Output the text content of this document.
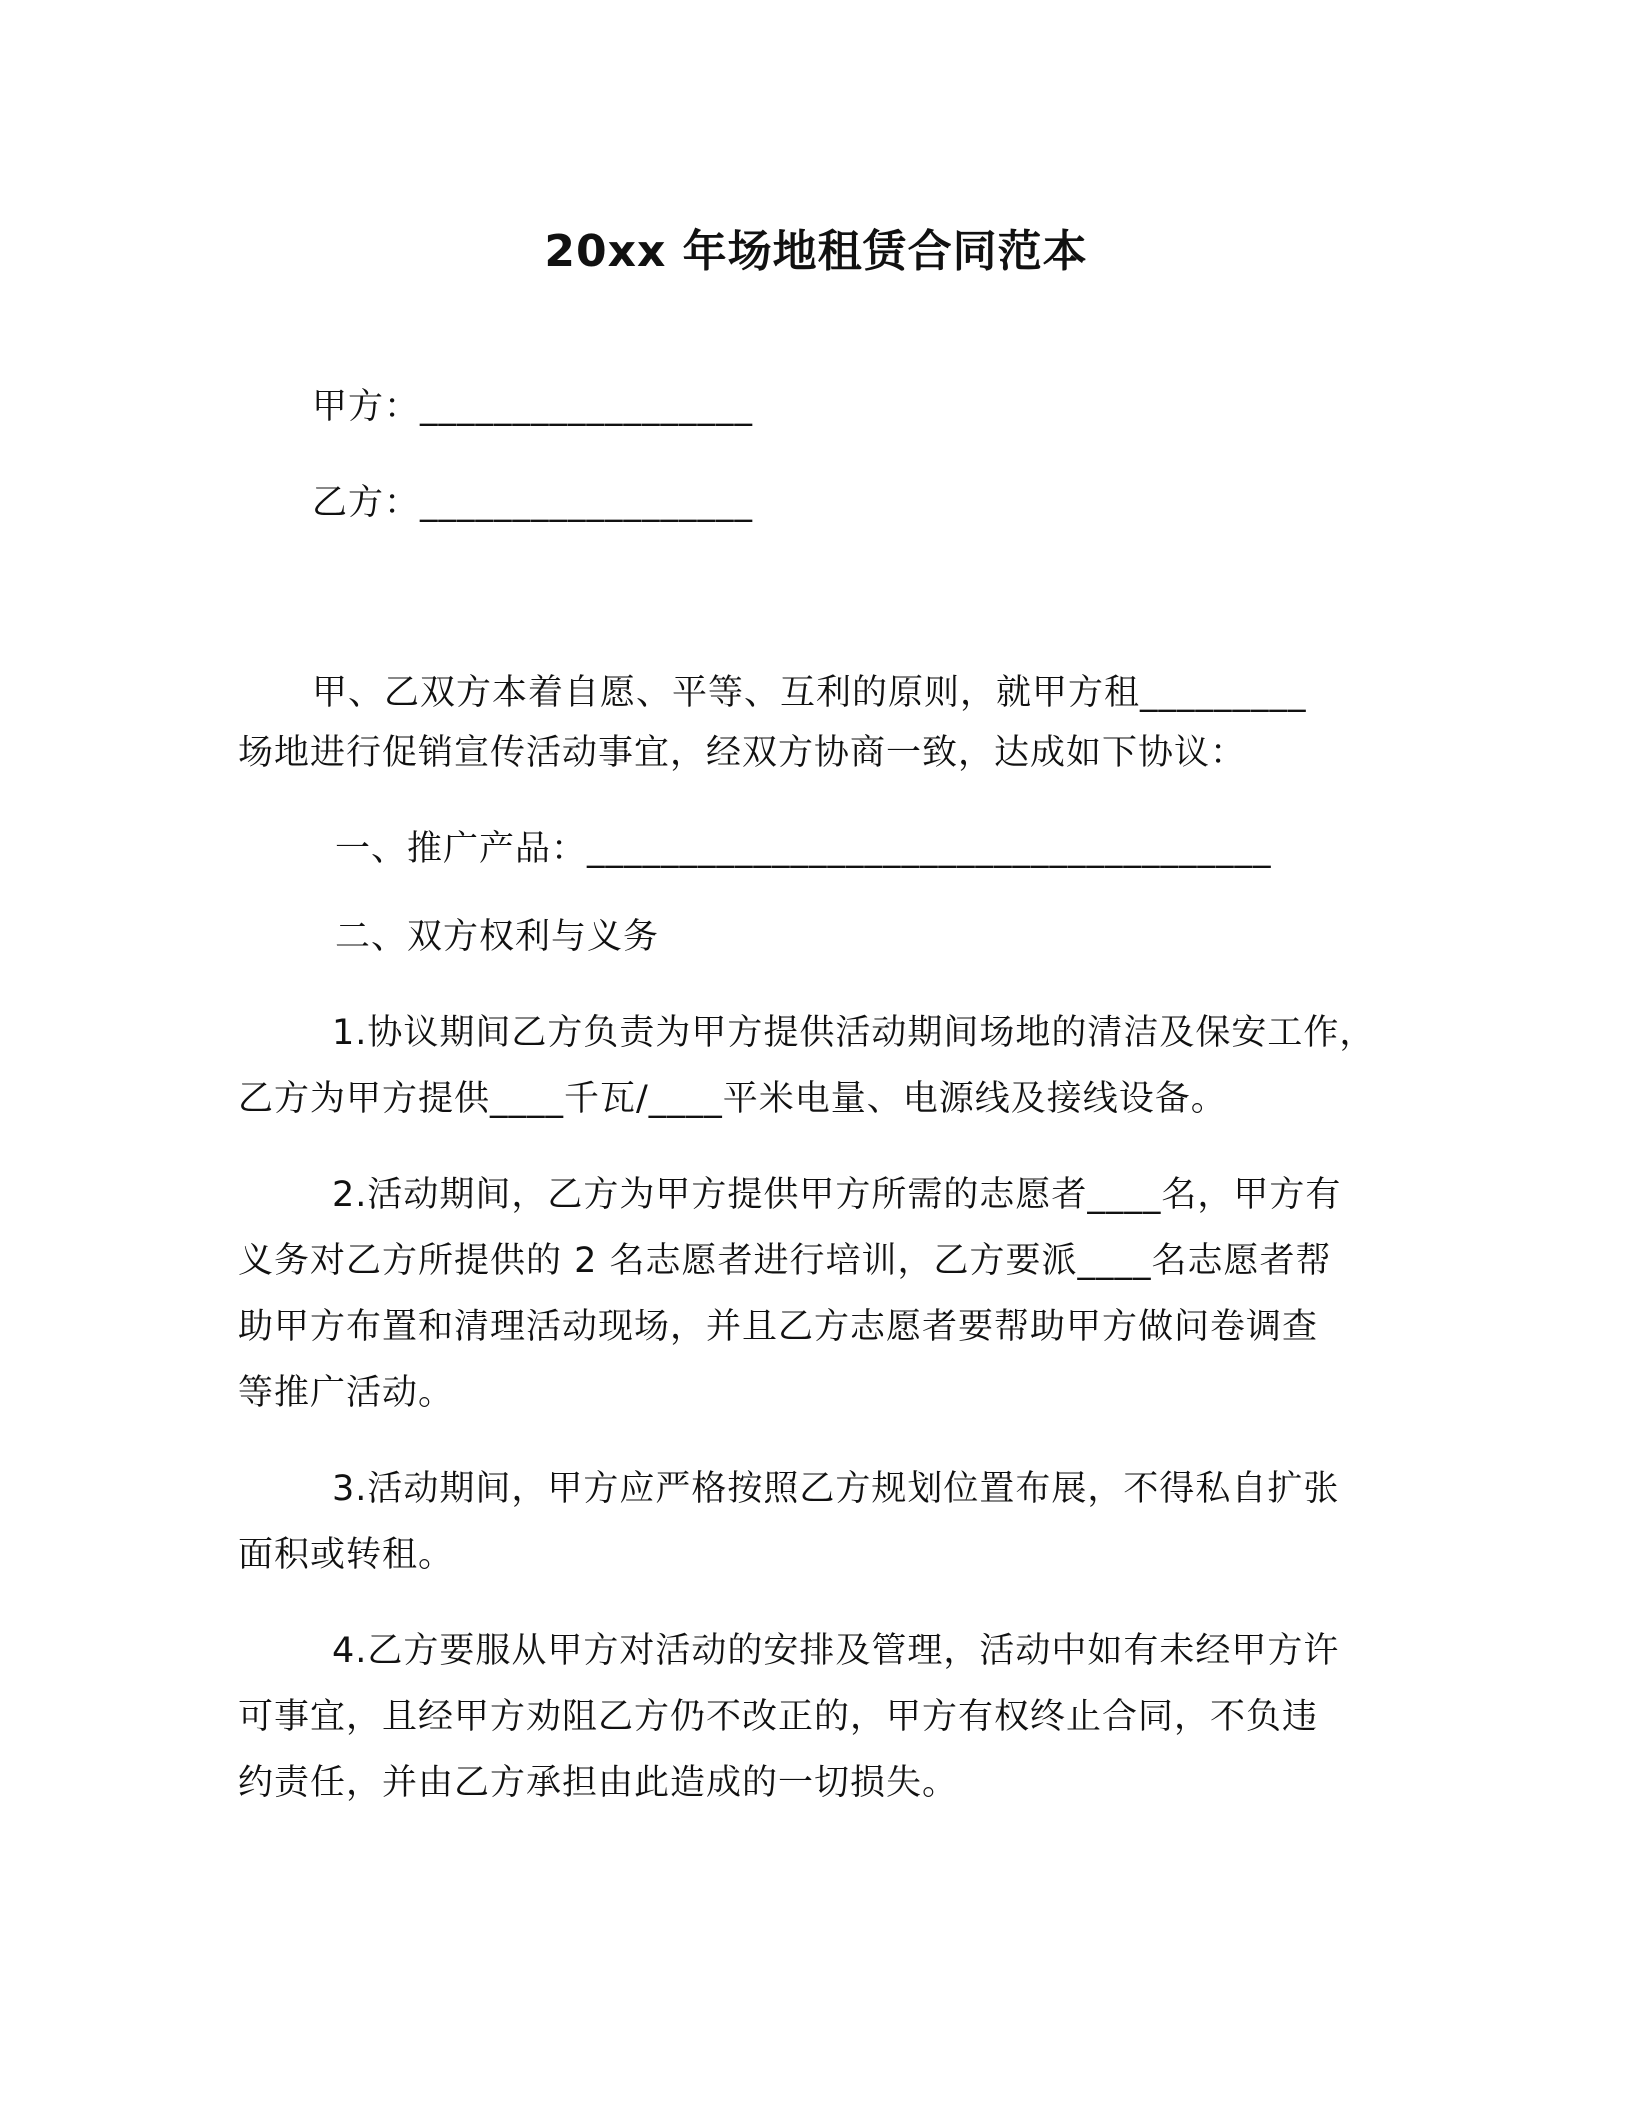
20xx 年场地租赁合同范本
甲方：__________________
乙方：__________________
甲、乙双方本着自愿、平等、互利的原则，就甲方租_________
场地进行促销宣传活动事宜，经双方协商一致，达成如下协议：
一、推广产品：_____________________________________
二、双方权利与义务
1.协议期间乙方负责为甲方提供活动期间场地的清洁及保安工作，
乙方为甲方提供____千瓦/____平米电量、电源线及接线设备。
2.活动期间，乙方为甲方提供甲方所需的志愿者____名，甲方有
义务对乙方所提供的 2 名志愿者进行培训，乙方要派____名志愿者帮
助甲方布置和清理活动现场，并且乙方志愿者要帮助甲方做问卷调查
等推广活动。
3.活动期间，甲方应严格按照乙方规划位置布展，不得私自扩张
面积或转租。
4.乙方要服从甲方对活动的安排及管理，活动中如有未经甲方许
可事宜，且经甲方劝阻乙方仍不改正的，甲方有权终止合同，不负违
约责任，并由乙方承担由此造成的一切损失。
